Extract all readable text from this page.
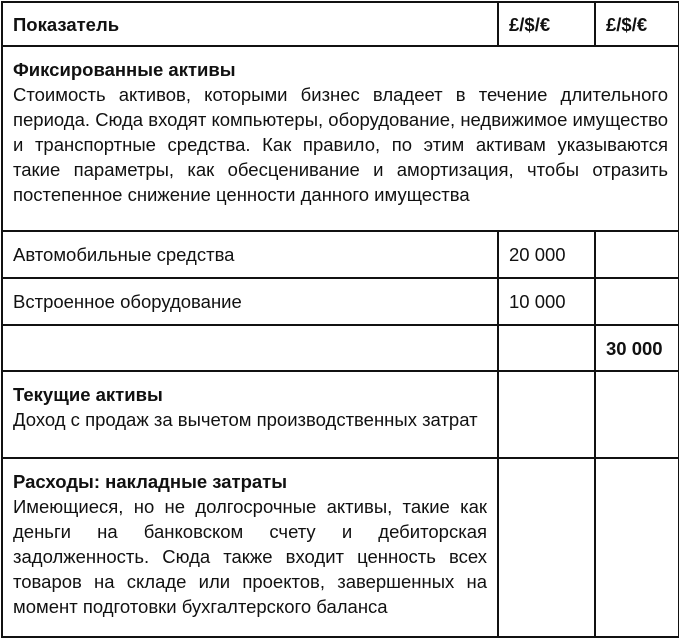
Показатель	£/$/€	£/$/€

Фиксированные активы
Стоимость активов, которыми бизнес владеет в течение длительного периода. Сюда входят компьютеры, оборудование, недвижимое имущество и транспортные средства. Как правило, по этим активам указываются такие параметры, как обесценивание и амортизация, чтобы отразить постепенное снижение ценности данного имущества		

Автомобильные средства	20 000	
Встроенное оборудование	10 000	
		30 000

Текущие активы
Доход с продаж за вычетом производственных затрат		

Расходы: накладные затраты
Имеющиеся, но не долгосрочные активы, такие как деньги на банковском счету и дебиторская задолженность. Сюда также входит ценность всех товаров на складе или проектов, завершенных на момент подготовки бухгалтерского баланса		
